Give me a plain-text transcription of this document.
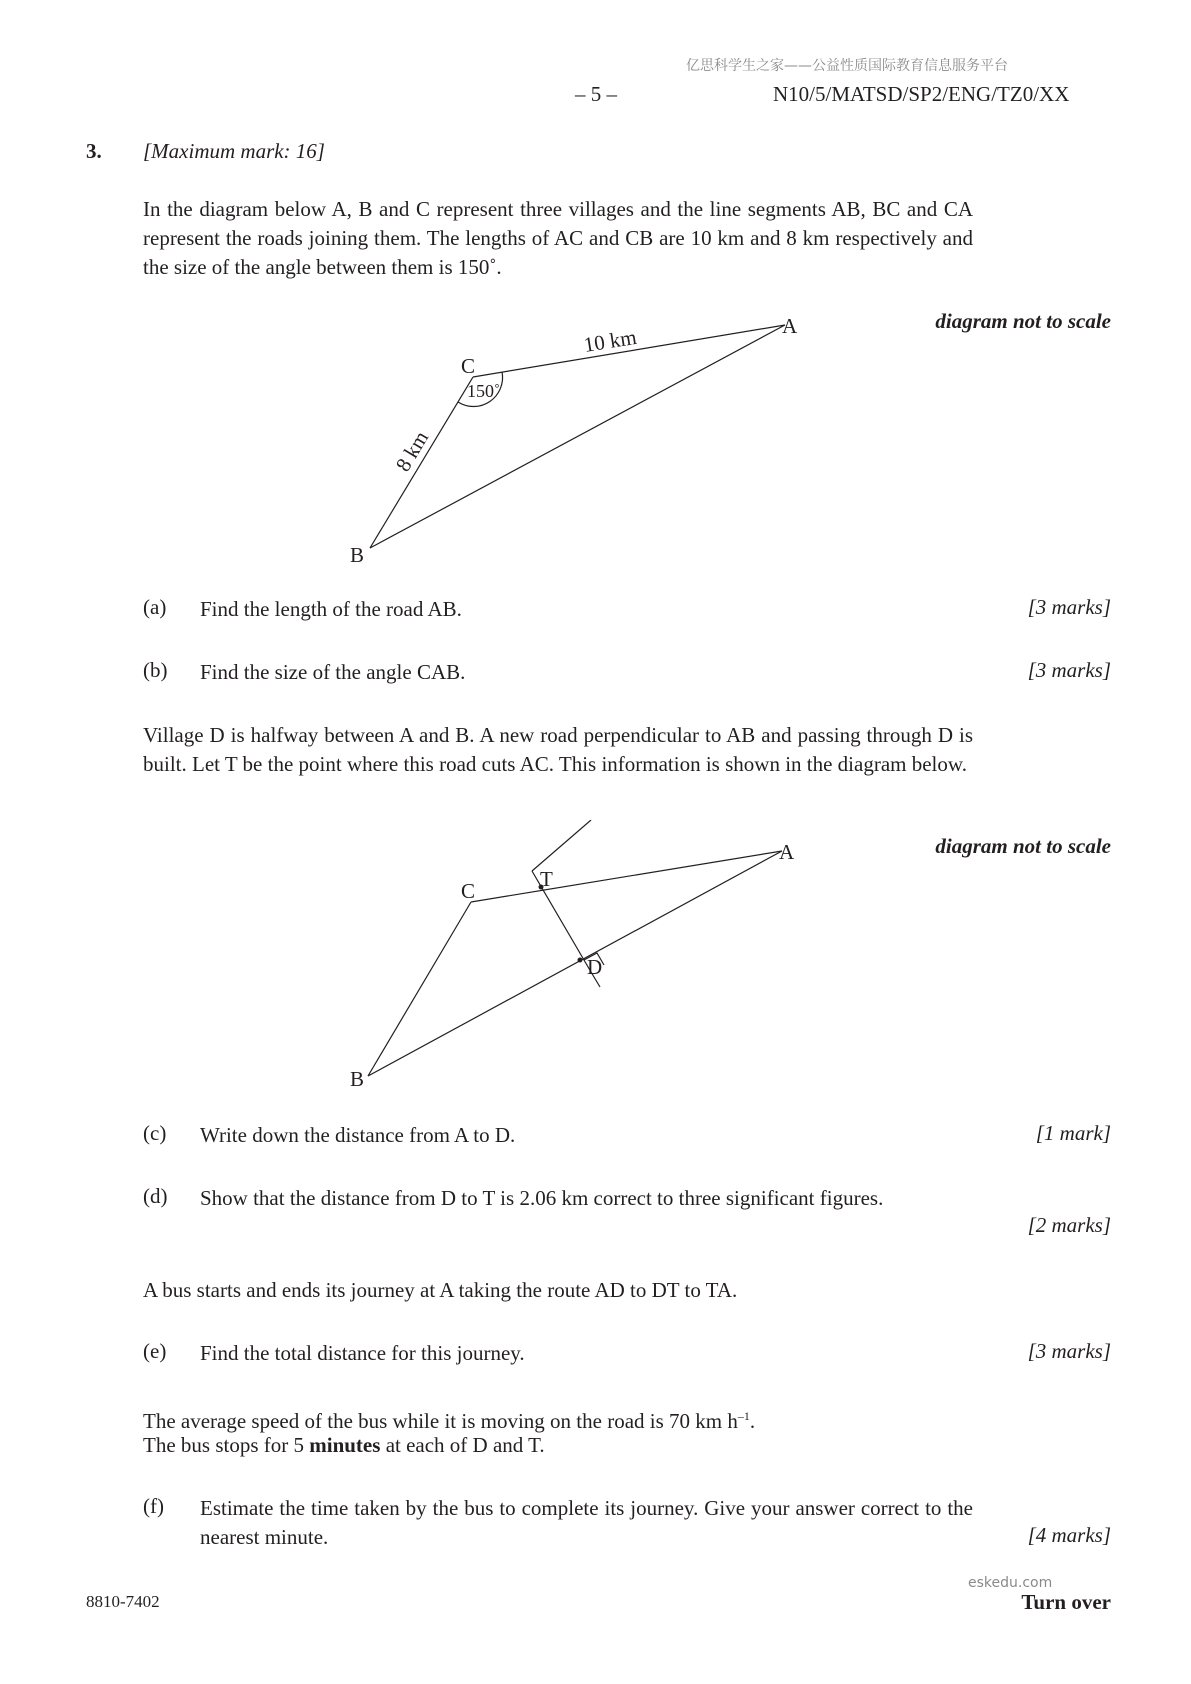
亿思科学生之家——公益性质国际教育信息服务平台
– 5 –	N10/5/MATSD/SP2/ENG/TZ0/XX
3. [Maximum mark: 16]
In the diagram below A, B and C represent three villages and the line segments AB, BC and CA represent the roads joining them. The lengths of AC and CB are 10 km and 8 km respectively and the size of the angle between them is 150˚.
diagram not to scale
A
C
B
10 km
8 km
150˚
(a) Find the length of the road AB.	[3 marks]
(b) Find the size of the angle CAB.	[3 marks]
Village D is halfway between A and B. A new road perpendicular to AB and passing through D is built. Let T be the point where this road cuts AC. This information is shown in the diagram below.
diagram not to scale
A
C
B
T
D
(c) Write down the distance from A to D.	[1 mark]
(d) Show that the distance from D to T is 2.06 km correct to three significant figures.
[2 marks]
A bus starts and ends its journey at A taking the route AD to DT to TA.
(e) Find the total distance for this journey.	[3 marks]
The average speed of the bus while it is moving on the road is 70 km $h^{-1}$.
The bus stops for 5 minutes at each of D and T.
(f) Estimate the time taken by the bus to complete its journey. Give your answer correct to the nearest minute.	[4 marks]
8810-7402
eskedu.com
Turn over
